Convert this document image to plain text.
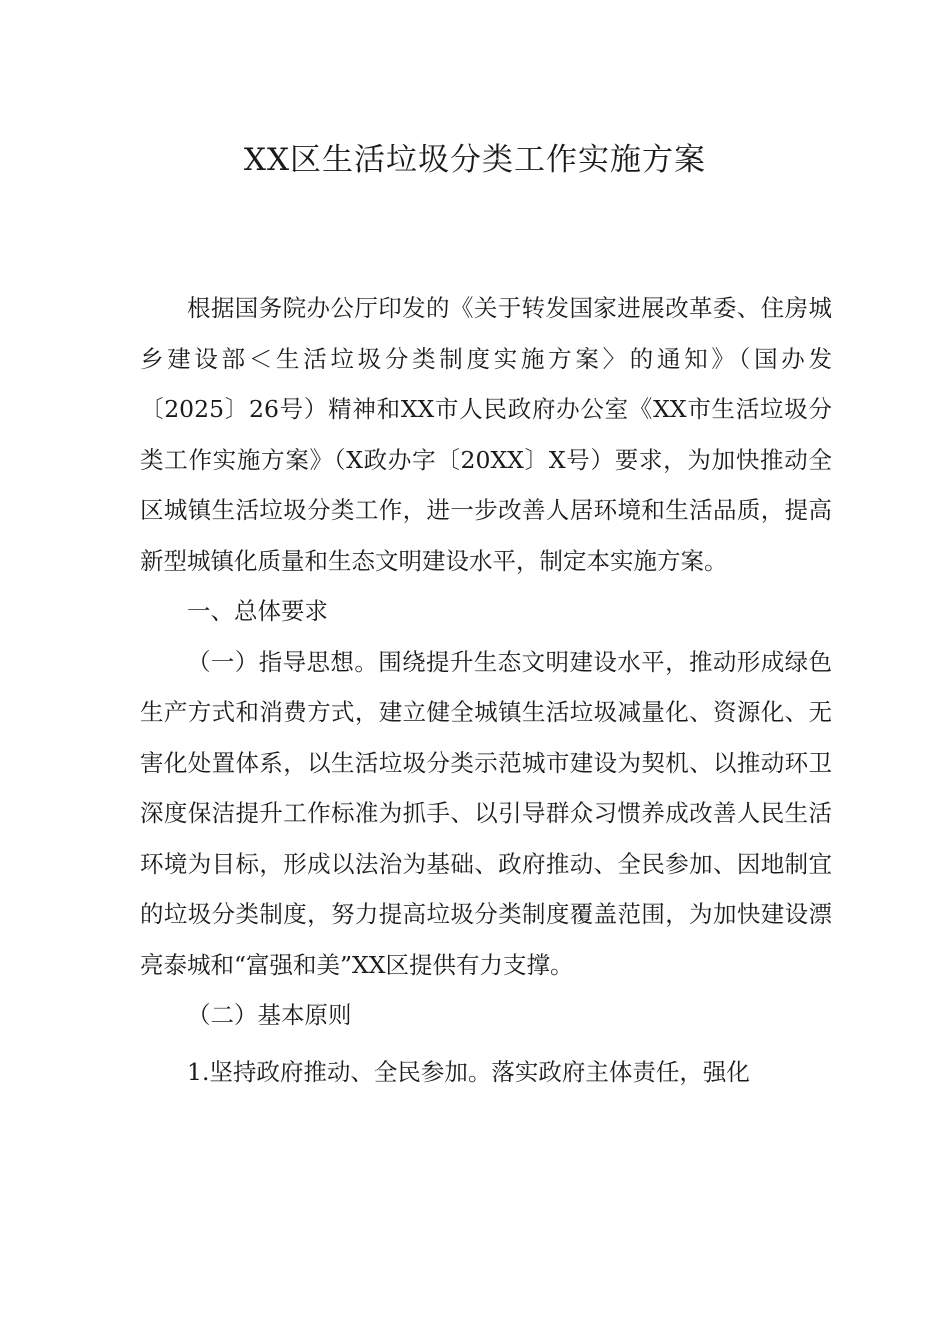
XX区生活垃圾分类工作实施方案

根据国务院办公厅印发的《关于转发国家进展改革委、住房城乡建设部＜生活垃圾分类制度实施方案〉的通知》（国办发〔2025〕26号）精神和XX市人民政府办公室《XX市生活垃圾分类工作实施方案》（X政办字〔20XX〕X号）要求，为加快推动全区城镇生活垃圾分类工作，进一步改善人居环境和生活品质，提高新型城镇化质量和生态文明建设水平，制定本实施方案。

一、总体要求

（一）指导思想。围绕提升生态文明建设水平，推动形成绿色生产方式和消费方式，建立健全城镇生活垃圾减量化、资源化、无害化处置体系，以生活垃圾分类示范城市建设为契机、以推动环卫深度保洁提升工作标准为抓手、以引导群众习惯养成改善人民生活环境为目标，形成以法治为基础、政府推动、全民参加、因地制宜的垃圾分类制度，努力提高垃圾分类制度覆盖范围，为加快建设漂亮泰城和“富强和美”XX区提供有力支撑。

（二）基本原则

1.坚持政府推动、全民参加。落实政府主体责任，强化
